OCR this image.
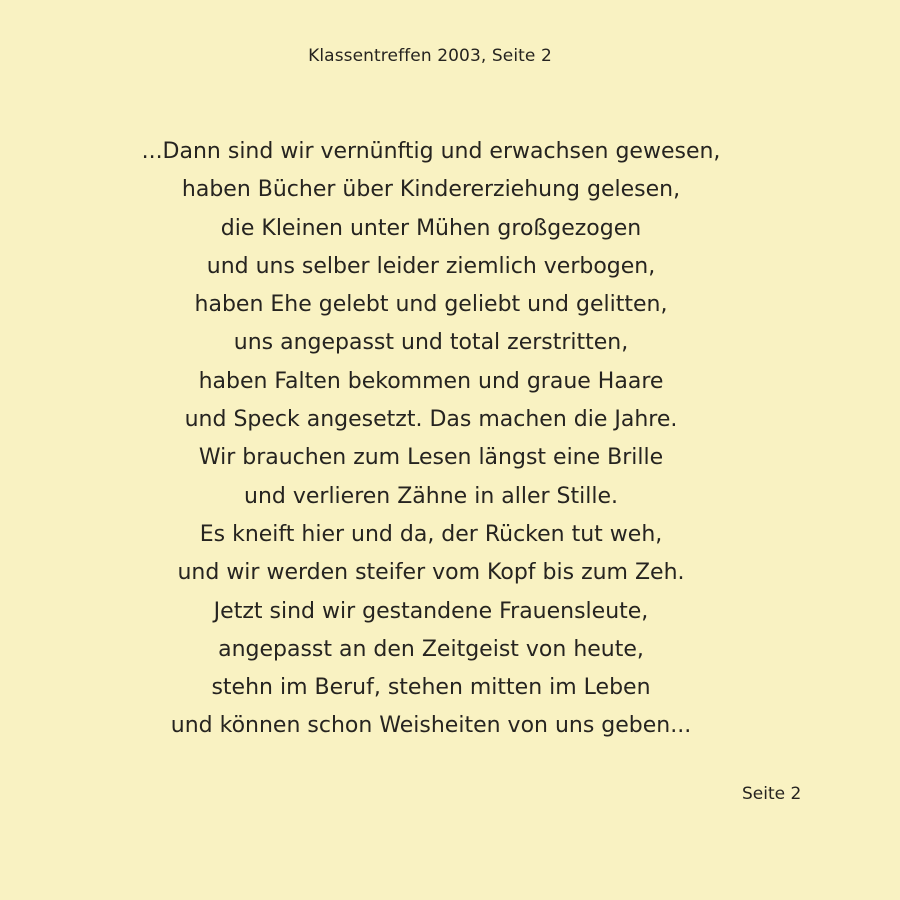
Klassentreffen 2003, Seite 2
...Dann sind wir vernünftig und erwachsen gewesen,
haben Bücher über Kindererziehung gelesen,
die Kleinen unter Mühen großgezogen
und uns selber leider ziemlich verbogen,
haben Ehe gelebt und geliebt und gelitten,
uns angepasst und total zerstritten,
haben Falten bekommen und graue Haare
und Speck angesetzt. Das machen die Jahre.
Wir brauchen zum Lesen längst eine Brille
und verlieren Zähne in aller Stille.
Es kneift hier und da, der Rücken tut weh,
und wir werden steifer vom Kopf bis zum Zeh.
Jetzt sind wir gestandene Frauensleute,
angepasst an den Zeitgeist von heute,
stehn im Beruf, stehen mitten im Leben
und können schon Weisheiten von uns geben...
Seite 2
